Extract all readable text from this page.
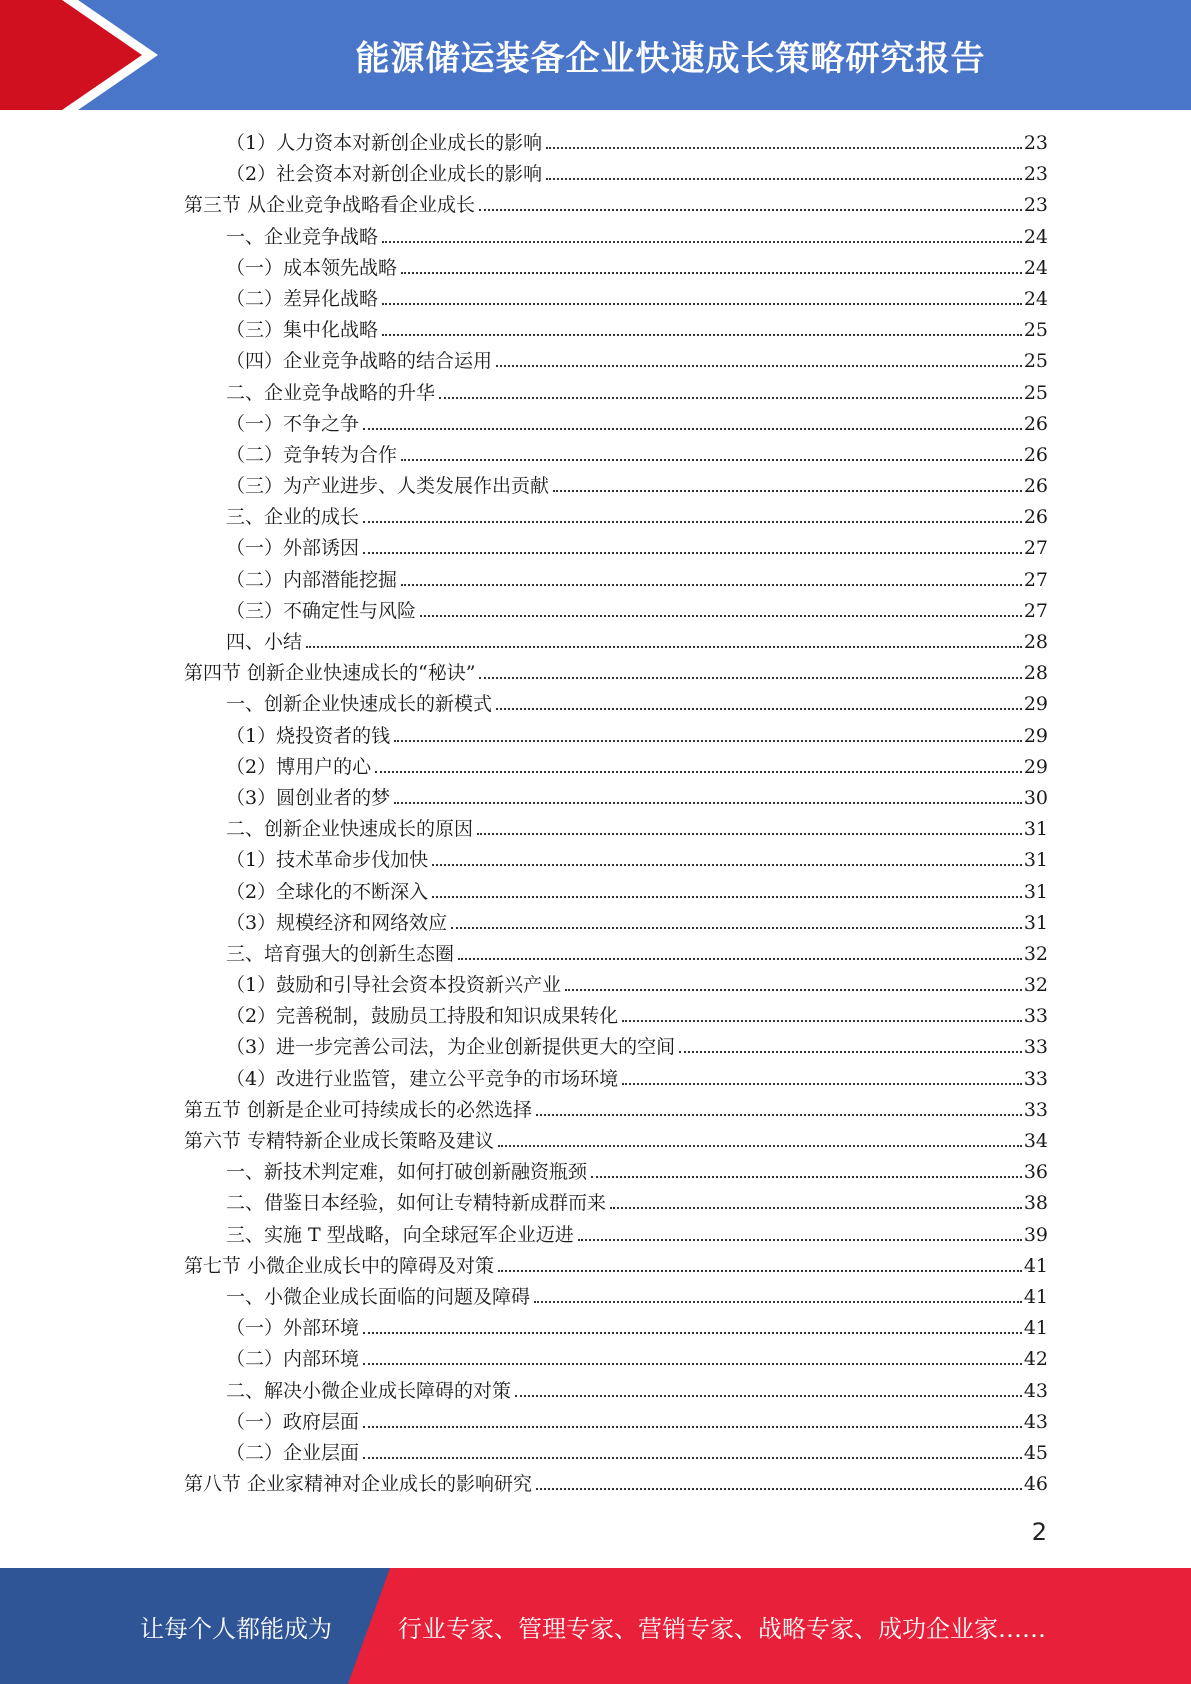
能源储运装备企业快速成长策略研究报告
（1）人力资本对新创企业成长的影响	23
（2）社会资本对新创企业成长的影响	23
第三节 从企业竞争战略看企业成长	23
一、企业竞争战略	24
（一）成本领先战略	24
（二）差异化战略	24
（三）集中化战略	25
（四）企业竞争战略的结合运用	25
二、企业竞争战略的升华	25
（一）不争之争	26
（二）竞争转为合作	26
（三）为产业进步、人类发展作出贡献	26
三、企业的成长	26
（一）外部诱因	27
（二）内部潜能挖掘	27
（三）不确定性与风险	27
四、小结	28
第四节 创新企业快速成长的“秘诀”	28
一、创新企业快速成长的新模式	29
（1）烧投资者的钱	29
（2）博用户的心	29
（3）圆创业者的梦	30
二、创新企业快速成长的原因	31
（1）技术革命步伐加快	31
（2）全球化的不断深入	31
（3）规模经济和网络效应	31
三、培育强大的创新生态圈	32
（1）鼓励和引导社会资本投资新兴产业	32
（2）完善税制，鼓励员工持股和知识成果转化	33
（3）进一步完善公司法，为企业创新提供更大的空间	33
（4）改进行业监管，建立公平竞争的市场环境	33
第五节 创新是企业可持续成长的必然选择	33
第六节 专精特新企业成长策略及建议	34
一、新技术判定难，如何打破创新融资瓶颈	36
二、借鉴日本经验，如何让专精特新成群而来	38
三、实施 T 型战略，向全球冠军企业迈进	39
第七节 小微企业成长中的障碍及对策	41
一、小微企业成长面临的问题及障碍	41
（一）外部环境	41
（二）内部环境	42
二、解决小微企业成长障碍的对策	43
（一）政府层面	43
（二）企业层面	45
第八节 企业家精神对企业成长的影响研究	46
2
让每个人都能成为	行业专家、管理专家、营销专家、战略专家、成功企业家……
